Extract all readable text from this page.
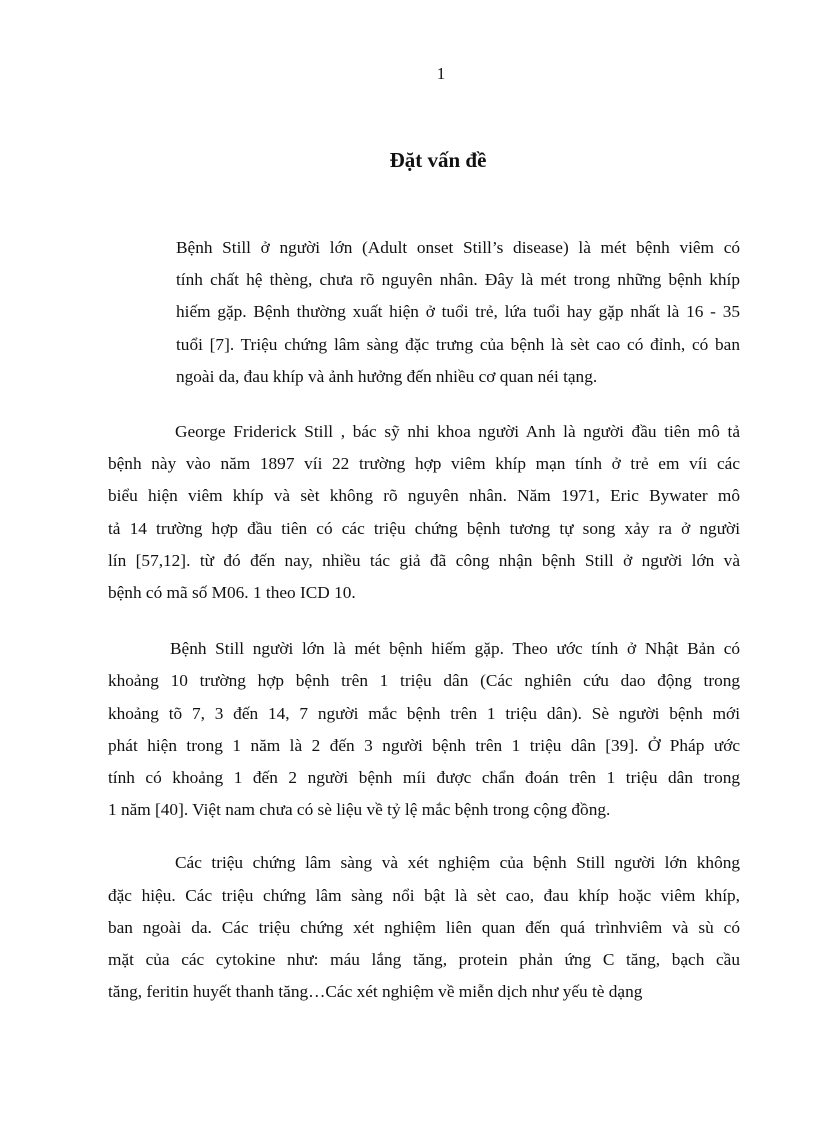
1
Đặt vấn đề

Bệnh Still ở người lớn (Adult onset Still’s disease) là mét bệnh viêm có
tính chất hệ thèng, chưa rõ nguyên nhân. Đây là mét trong những bệnh khíp
hiếm gặp. Bệnh thường xuất hiện ở tuổi trẻ, lứa tuổi hay gặp nhất là 16 - 35
tuổi [7]. Triệu chứng lâm sàng đặc trưng của bệnh là sèt cao có đỉnh, có ban
ngoài da, đau khíp và ảnh hưởng đến nhiều cơ quan néi tạng.

George Friderick Still , bác sỹ nhi khoa người Anh là người đầu tiên mô tả
bệnh này vào năm 1897 víi 22 trường hợp viêm khíp mạn tính ở trẻ em víi các
biểu hiện viêm khíp và sèt không rõ nguyên nhân. Năm 1971, Eric Bywater mô
tả 14 trường hợp đầu tiên có các triệu chứng bệnh tương tự song xảy ra ở người
lín [57,12]. từ đó đến nay, nhiều tác giả đã công nhận bệnh Still ở người lớn và
bệnh có mã số M06. 1 theo ICD 10.

Bệnh Still người lớn là mét bệnh hiếm gặp. Theo ước tính ở Nhật Bản có
khoảng 10 trường hợp bệnh trên 1 triệu dân (Các nghiên cứu dao động trong
khoảng tõ 7, 3 đến 14, 7 người mắc bệnh trên 1 triệu dân). Sè người bệnh mới
phát hiện trong 1 năm là 2 đến 3 người bệnh trên 1 triệu dân [39]. Ở Pháp ước
tính có khoảng 1 đến 2 người bệnh míi được chẩn đoán trên 1 triệu dân trong
1 năm [40]. Việt nam chưa có sè liệu về tỷ lệ mắc bệnh trong cộng đồng.

Các triệu chứng lâm sàng và xét nghiệm của bệnh Still người lớn không
đặc hiệu. Các triệu chứng lâm sàng nổi bật là sèt cao, đau khíp hoặc viêm khíp,
ban ngoài da. Các triệu chứng xét nghiệm liên quan đến quá trìnhviêm và sù có
mặt của các cytokine như: máu lắng tăng, protein phản ứng C tăng, bạch cầu
tăng, feritin huyết thanh tăng…Các xét nghiệm về miễn dịch như yếu tè dạng
